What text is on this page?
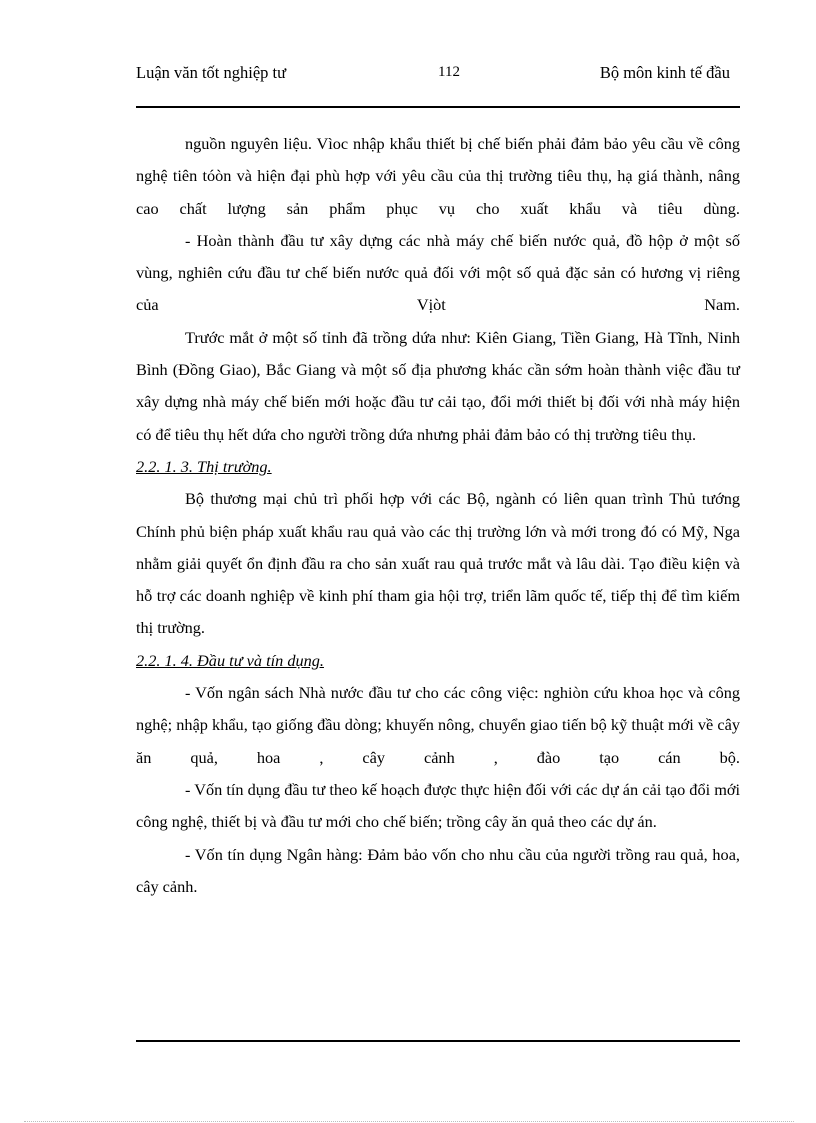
Luận văn tốt nghiệp tư	112	Bộ môn kinh tế đầu

nguồn nguyên liệu. Vìoc nhập khẩu thiết bị chế biến phải đảm bảo yêu cầu về công nghệ tiên tóòn và hiện đại phù hợp với yêu cầu của thị trường tiêu thụ, hạ giá thành, nâng cao chất lượng sản phẩm phục vụ cho xuất khẩu và tiêu dùng.

- Hoàn thành đầu tư xây dựng các nhà máy chế biến nước quả, đồ hộp ở một số vùng, nghiên cứu đầu tư chế biến nước quả đối với một số quả đặc sản có hương vị riêng của Vịòt Nam.

Trước mắt ở một số tỉnh đã trồng dứa như: Kiên Giang, Tiền Giang, Hà Tĩnh, Ninh Bình (Đồng Giao), Bắc Giang và một số địa phương khác cần sớm hoàn thành việc đầu tư xây dựng nhà máy chế biến mới hoặc đầu tư cải tạo, đổi mới thiết bị đối với nhà máy hiện có để tiêu thụ hết dứa cho người trồng dứa nhưng phải đảm bảo có thị trường tiêu thụ.

2.2. 1. 3. Thị trường.

Bộ thương mại chủ trì phối hợp với các Bộ, ngành có liên quan trình Thủ tướng Chính phủ biện pháp xuất khẩu rau quả vào các thị trường lớn và mới trong đó có Mỹ, Nga nhằm giải quyết ổn định đầu ra cho sản xuất rau quả trước mắt và lâu dài. Tạo điều kiện và hỗ trợ các doanh nghiệp về kinh phí tham gia hội trợ, triển lãm quốc tế, tiếp thị để tìm kiếm thị trường.

2.2. 1. 4. Đầu tư và tín dụng.

- Vốn ngân sách Nhà nước đầu tư cho các công việc: nghiòn cứu khoa học và công nghệ; nhập khẩu, tạo giống đầu dòng; khuyến nông, chuyển giao tiến bộ kỹ thuật mới về cây ăn quả, hoa , cây cảnh , đào tạo cán bộ.

- Vốn tín dụng đầu tư theo kế hoạch được thực hiện đối với các dự án cải tạo đổi mới công nghệ, thiết bị và đầu tư mới cho chế biến; trồng cây ăn quả theo các dự án.

- Vốn tín dụng Ngân hàng: Đảm bảo vốn cho nhu cầu của người trồng rau quả, hoa, cây cảnh.
